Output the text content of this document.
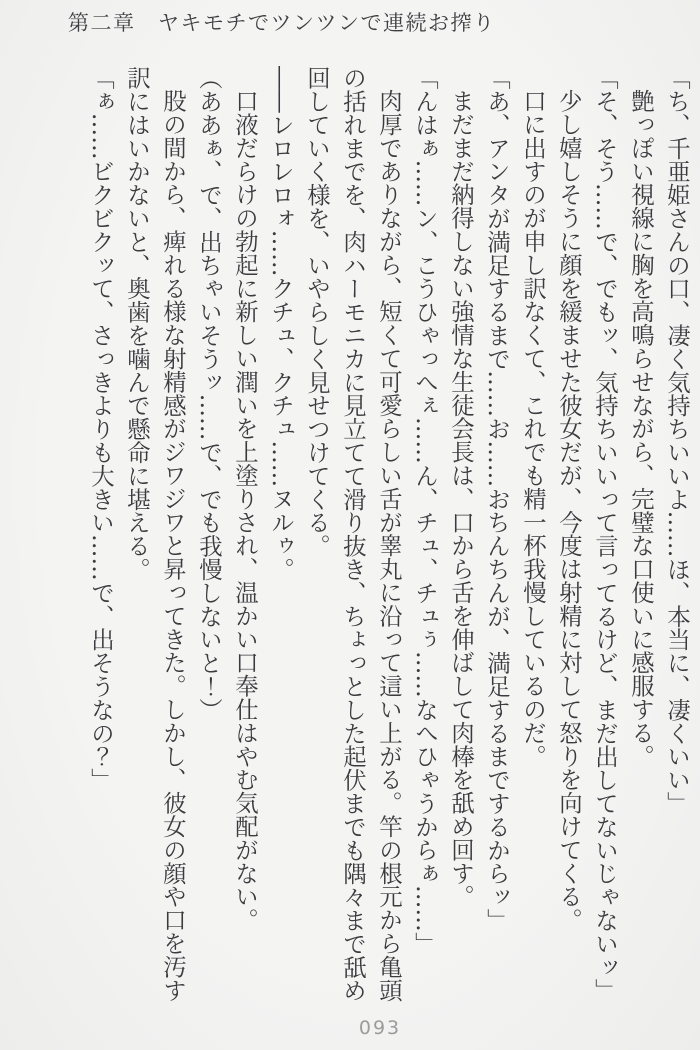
第二章　ヤキモチでツンツンで連続お搾り

「ち、千亜姫さんの口、凄く気持ちいいよ……ほ、本当に、凄くいい」

艶っぽい視線に胸を高鳴らせながら、完璧な口使いに感服する。

「そ、そう……で、でもッ、気持ちいいって言ってるけど、まだ出してないじゃないッ」

少し嬉しそうに顔を緩ませた彼女だが、今度は射精に対して怒りを向けてくる。

口に出すのが申し訳なくて、これでも精一杯我慢しているのだ。

「あ、アンタが満足するまで……お……おちんちんが、満足するまでするからッ」

まだまだ納得しない強情な生徒会長は、口から舌を伸ばして肉棒を舐め回す。

「んはぁ……ン、こうひゃっへぇ……ん、チュ、チュぅ……なへひゃうからぁ……」

肉厚でありながら、短くて可愛らしい舌が睾丸に沿って這い上がる。竿の根元から亀頭の括れまでを、肉ハーモニカに見立てて滑り抜き、ちょっとした起伏までも隅々まで舐め回していく様を、いやらしく見せつけてくる。

――レロレロォ……クチュ、クチュ……ヌルゥ。

口液だらけの勃起に新しい潤いを上塗りされ、温かい口奉仕はやむ気配がない。

（ああぁ、で、出ちゃいそうッ……で、でも我慢しないと！）

股の間から、痺れる様な射精感がジワジワと昇ってきた。しかし、彼女の顔や口を汚す訳にはいかないと、奥歯を噛んで懸命に堪える。

「ぁ……ビクビクッて、さっきよりも大きい……で、出そうなの？」

093
